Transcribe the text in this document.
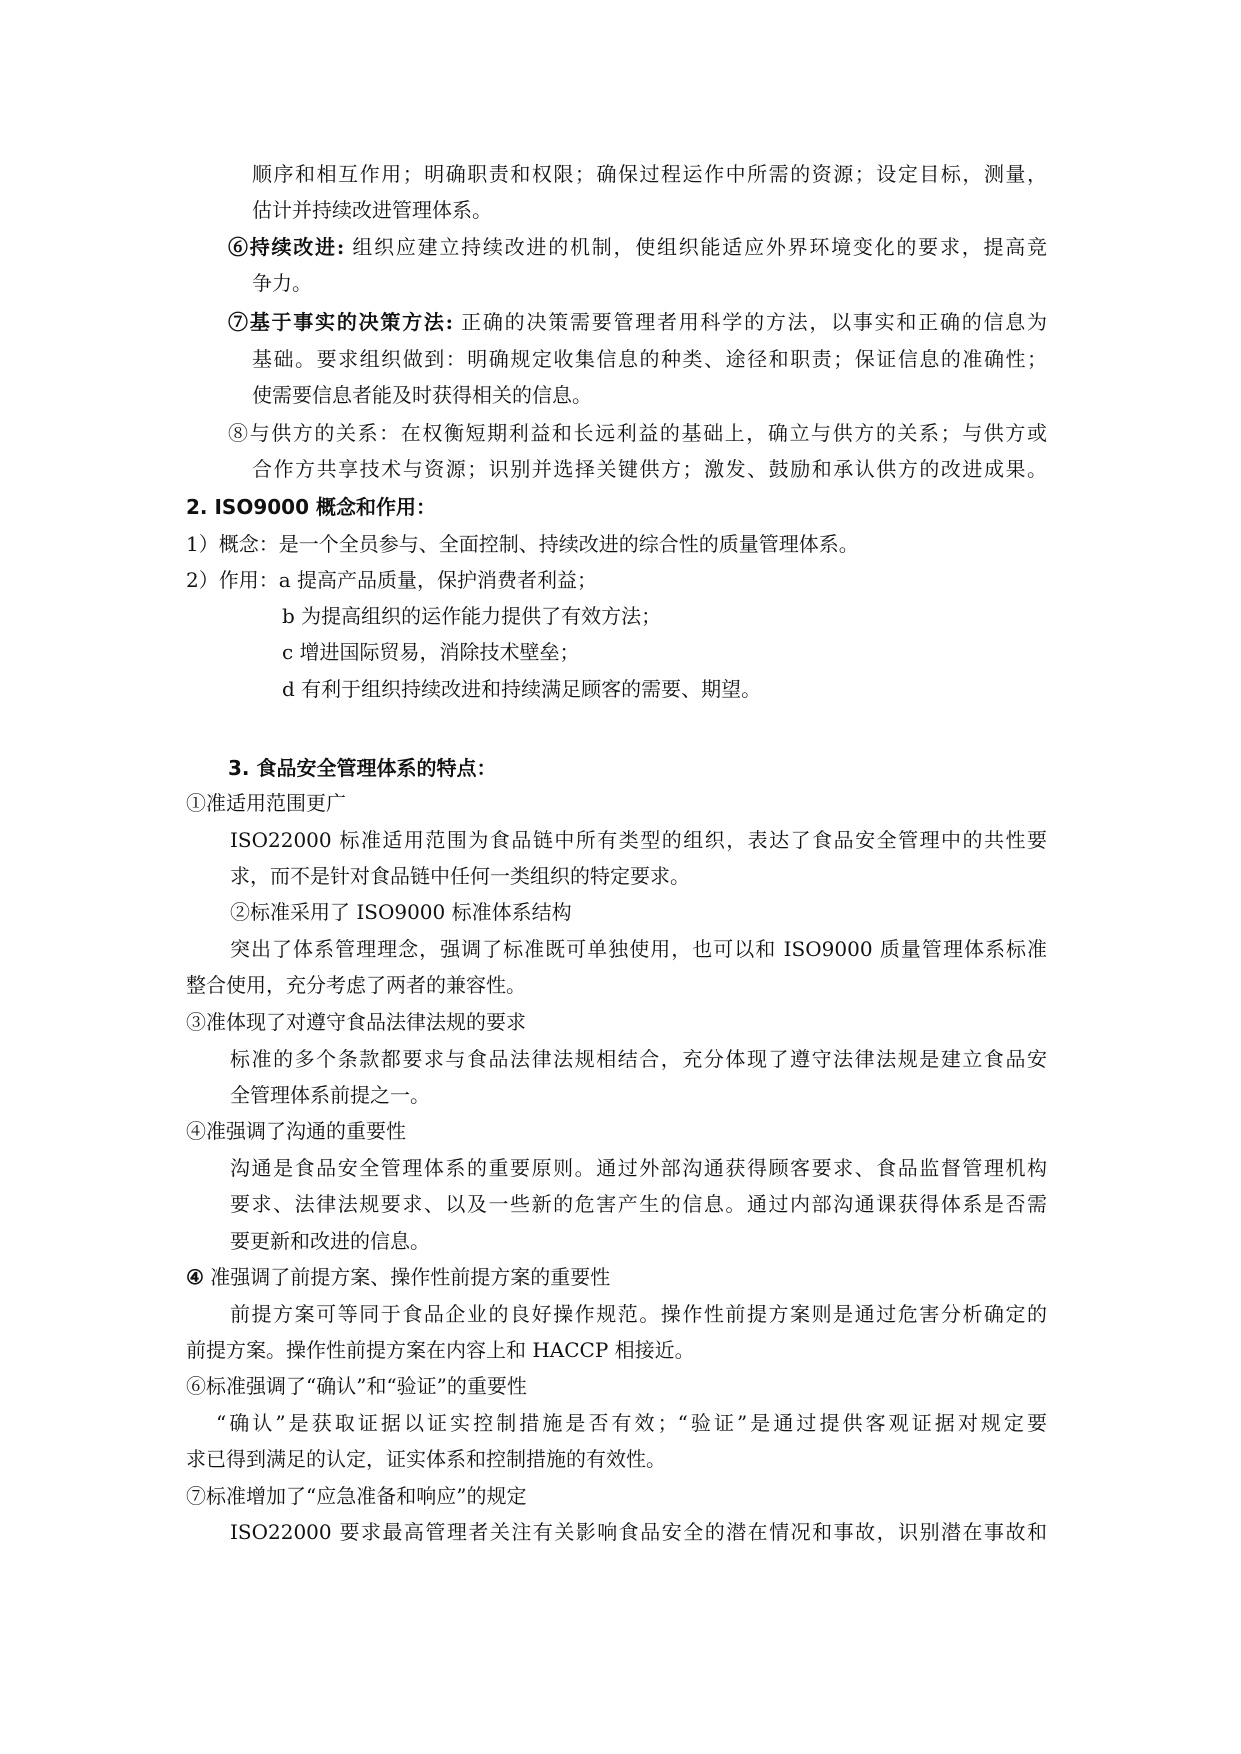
顺序和相互作用；明确职责和权限；确保过程运作中所需的资源；设定目标，测量，
估计并持续改进管理体系。
⑥持续改进: 组织应建立持续改进的机制，使组织能适应外界环境变化的要求，提高竞
争力。
⑦基于事实的决策方法: 正确的决策需要管理者用科学的方法，以事实和正确的信息为
基础。要求组织做到：明确规定收集信息的种类、途径和职责；保证信息的准确性；
使需要信息者能及时获得相关的信息。
⑧与供方的关系：在权衡短期利益和长远利益的基础上，确立与供方的关系；与供方或
合作方共享技术与资源；识别并选择关键供方；激发、鼓励和承认供方的改进成果。
2. ISO9000 概念和作用：
1）概念：是一个全员参与、全面控制、持续改进的综合性的质量管理体系。
2）作用：a 提高产品质量，保护消费者利益；
b 为提高组织的运作能力提供了有效方法；
c 增进国际贸易，消除技术壁垒；
d 有利于组织持续改进和持续满足顾客的需要、期望。
3. 食品安全管理体系的特点：
①准适用范围更广
ISO22000 标准适用范围为食品链中所有类型的组织，表达了食品安全管理中的共性要
求，而不是针对食品链中任何一类组织的特定要求。
②标准采用了 ISO9000 标准体系结构
突出了体系管理理念，强调了标准既可单独使用，也可以和 ISO9000 质量管理体系标准
整合使用，充分考虑了两者的兼容性。
③准体现了对遵守食品法律法规的要求
标准的多个条款都要求与食品法律法规相结合，充分体现了遵守法律法规是建立食品安
全管理体系前提之一。
④准强调了沟通的重要性
沟通是食品安全管理体系的重要原则。通过外部沟通获得顾客要求、食品监督管理机构
要求、法律法规要求、以及一些新的危害产生的信息。通过内部沟通课获得体系是否需
要更新和改进的信息。
④ 准强调了前提方案、操作性前提方案的重要性
前提方案可等同于食品企业的良好操作规范。操作性前提方案则是通过危害分析确定的
前提方案。操作性前提方案在内容上和 HACCP 相接近。
⑥标准强调了“确认”和“验证”的重要性
“确认”是获取证据以证实控制措施是否有效；“验证”是通过提供客观证据对规定要
求已得到满足的认定，证实体系和控制措施的有效性。
⑦标准增加了“应急准备和响应”的规定
ISO22000 要求最高管理者关注有关影响食品安全的潜在情况和事故，识别潜在事故和
